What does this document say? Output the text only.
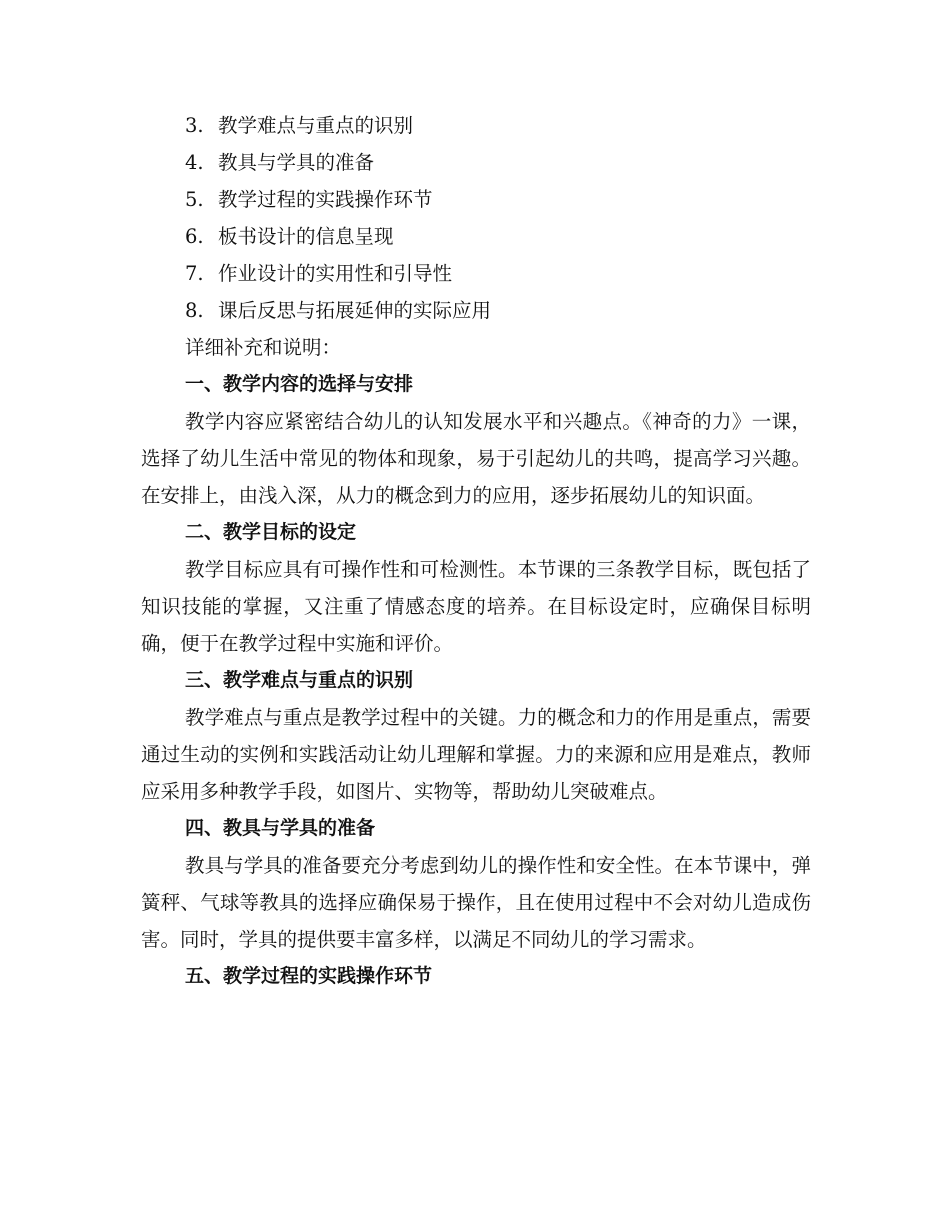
3. 教学难点与重点的识别

4. 教具与学具的准备

5. 教学过程的实践操作环节

6. 板书设计的信息呈现

7. 作业设计的实用性和引导性

8. 课后反思与拓展延伸的实际应用

详细补充和说明：

一、教学内容的选择与安排

教学内容应紧密结合幼儿的认知发展水平和兴趣点。《神奇的力》一课，选择了幼儿生活中常见的物体和现象，易于引起幼儿的共鸣，提高学习兴趣。在安排上，由浅入深，从力的概念到力的应用，逐步拓展幼儿的知识面。

二、教学目标的设定

教学目标应具有可操作性和可检测性。本节课的三条教学目标，既包括了知识技能的掌握，又注重了情感态度的培养。在目标设定时，应确保目标明确，便于在教学过程中实施和评价。

三、教学难点与重点的识别

教学难点与重点是教学过程中的关键。力的概念和力的作用是重点，需要通过生动的实例和实践活动让幼儿理解和掌握。力的来源和应用是难点，教师应采用多种教学手段，如图片、实物等，帮助幼儿突破难点。

四、教具与学具的准备

教具与学具的准备要充分考虑到幼儿的操作性和安全性。在本节课中，弹簧秤、气球等教具的选择应确保易于操作，且在使用过程中不会对幼儿造成伤害。同时，学具的提供要丰富多样，以满足不同幼儿的学习需求。

五、教学过程的实践操作环节
